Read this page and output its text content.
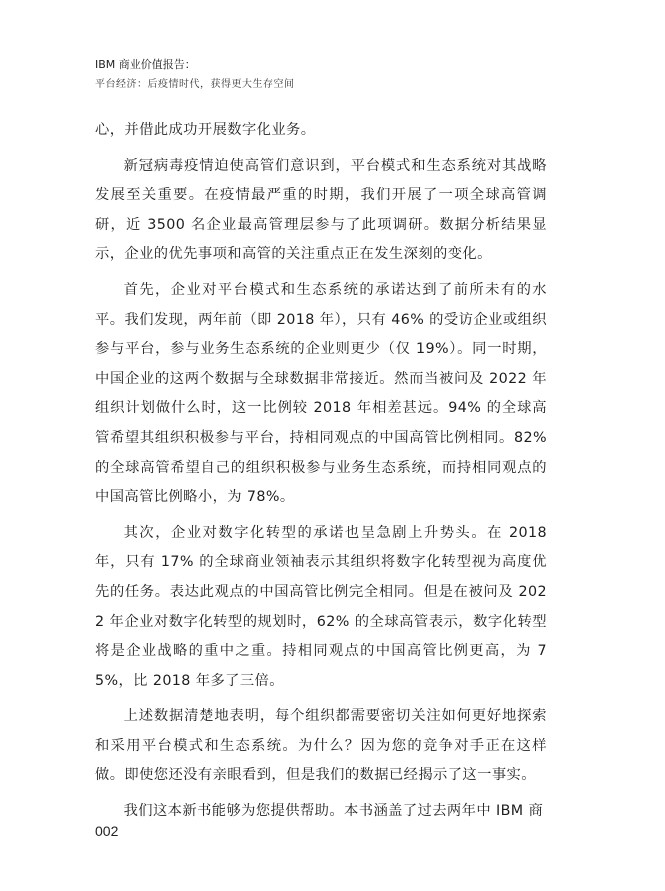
IBM 商业价值报告：
平台经济：后疫情时代，获得更大生存空间

心，并借此成功开展数字化业务。

新冠病毒疫情迫使高管们意识到，平台模式和生态系统对其战略发展至关重要。在疫情最严重的时期，我们开展了一项全球高管调研，近 3500 名企业最高管理层参与了此项调研。数据分析结果显示，企业的优先事项和高管的关注重点正在发生深刻的变化。

首先，企业对平台模式和生态系统的承诺达到了前所未有的水平。我们发现，两年前（即 2018 年），只有 46% 的受访企业或组织参与平台，参与业务生态系统的企业则更少（仅 19%）。同一时期，中国企业的这两个数据与全球数据非常接近。然而当被问及 2022 年组织计划做什么时，这一比例较 2018 年相差甚远。94% 的全球高管希望其组织积极参与平台，持相同观点的中国高管比例相同。82% 的全球高管希望自己的组织积极参与业务生态系统，而持相同观点的中国高管比例略小，为 78%。

其次，企业对数字化转型的承诺也呈急剧上升势头。在 2018 年，只有 17% 的全球商业领袖表示其组织将数字化转型视为高度优先的任务。表达此观点的中国高管比例完全相同。但是在被问及 2022 年企业对数字化转型的规划时，62% 的全球高管表示，数字化转型将是企业战略的重中之重。持相同观点的中国高管比例更高，为 75%，比 2018 年多了三倍。

上述数据清楚地表明，每个组织都需要密切关注如何更好地探索和采用平台模式和生态系统。为什么？因为您的竞争对手正在这样做。即使您还没有亲眼看到，但是我们的数据已经揭示了这一事实。

我们这本新书能够为您提供帮助。本书涵盖了过去两年中 IBM 商

002
